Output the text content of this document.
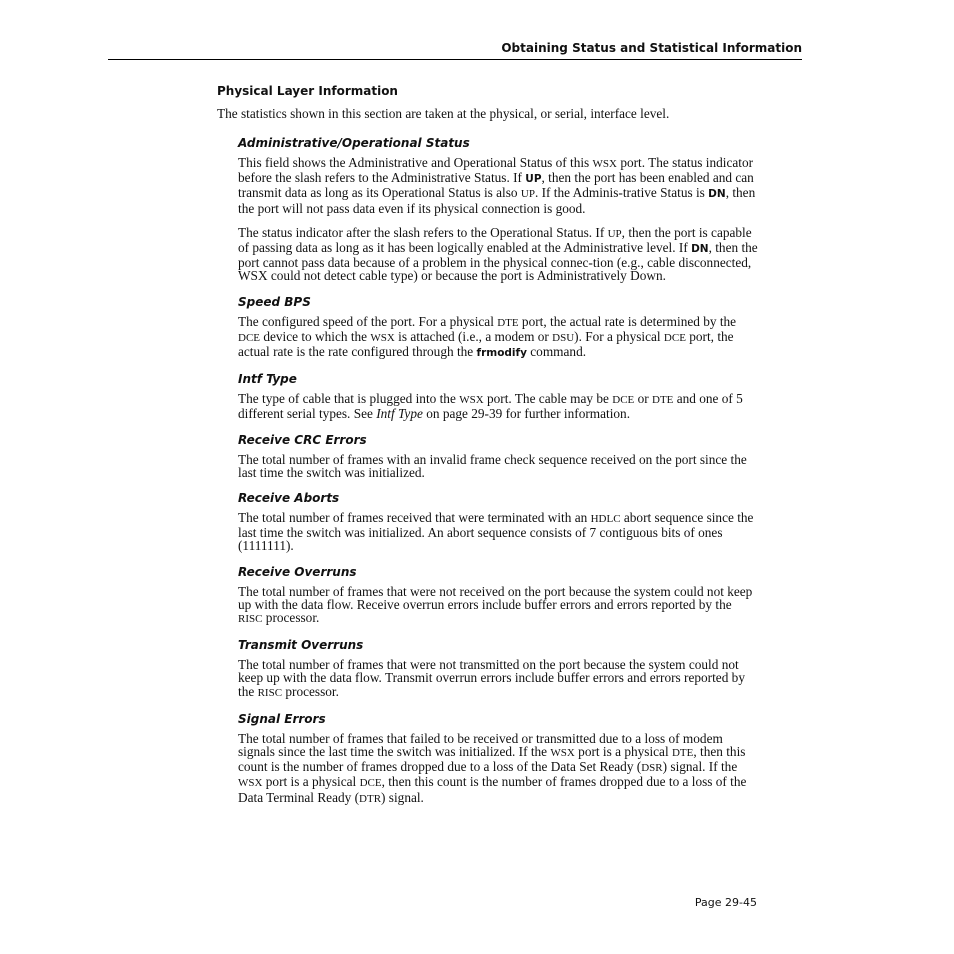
Obtaining Status and Statistical Information
Physical Layer Information

The statistics shown in this section are taken at the physical, or serial, interface level.

Administrative/Operational Status

This field shows the Administrative and Operational Status of this WSX port. The status indicator before the slash refers to the Administrative Status. If UP, then the port has been enabled and can transmit data as long as its Operational Status is also UP. If the Adminis-trative Status is DN, then the port will not pass data even if its physical connection is good.

The status indicator after the slash refers to the Operational Status. If UP, then the port is capable of passing data as long as it has been logically enabled at the Administrative level. If DN, then the port cannot pass data because of a problem in the physical connec-tion (e.g., cable disconnected, WSX could not detect cable type) or because the port is Administratively Down.

Speed BPS

The configured speed of the port. For a physical DTE port, the actual rate is determined by the DCE device to which the WSX is attached (i.e., a modem or DSU). For a physical DCE port, the actual rate is the rate configured through the frmodify command.

Intf Type

The type of cable that is plugged into the WSX port. The cable may be DCE or DTE and one of 5 different serial types. See Intf Type on page 29-39 for further information.

Receive CRC Errors

The total number of frames with an invalid frame check sequence received on the port since the last time the switch was initialized.

Receive Aborts

The total number of frames received that were terminated with an HDLC abort sequence since the last time the switch was initialized. An abort sequence consists of 7 contiguous bits of ones (1111111).

Receive Overruns

The total number of frames that were not received on the port because the system could not keep up with the data flow. Receive overrun errors include buffer errors and errors reported by the RISC processor.

Transmit Overruns

The total number of frames that were not transmitted on the port because the system could not keep up with the data flow. Transmit overrun errors include buffer errors and errors reported by the RISC processor.

Signal Errors

The total number of frames that failed to be received or transmitted due to a loss of modem signals since the last time the switch was initialized. If the WSX port is a physical DTE, then this count is the number of frames dropped due to a loss of the Data Set Ready (DSR) signal. If the WSX port is a physical DCE, then this count is the number of frames dropped due to a loss of the Data Terminal Ready (DTR) signal.

Page 29-45
